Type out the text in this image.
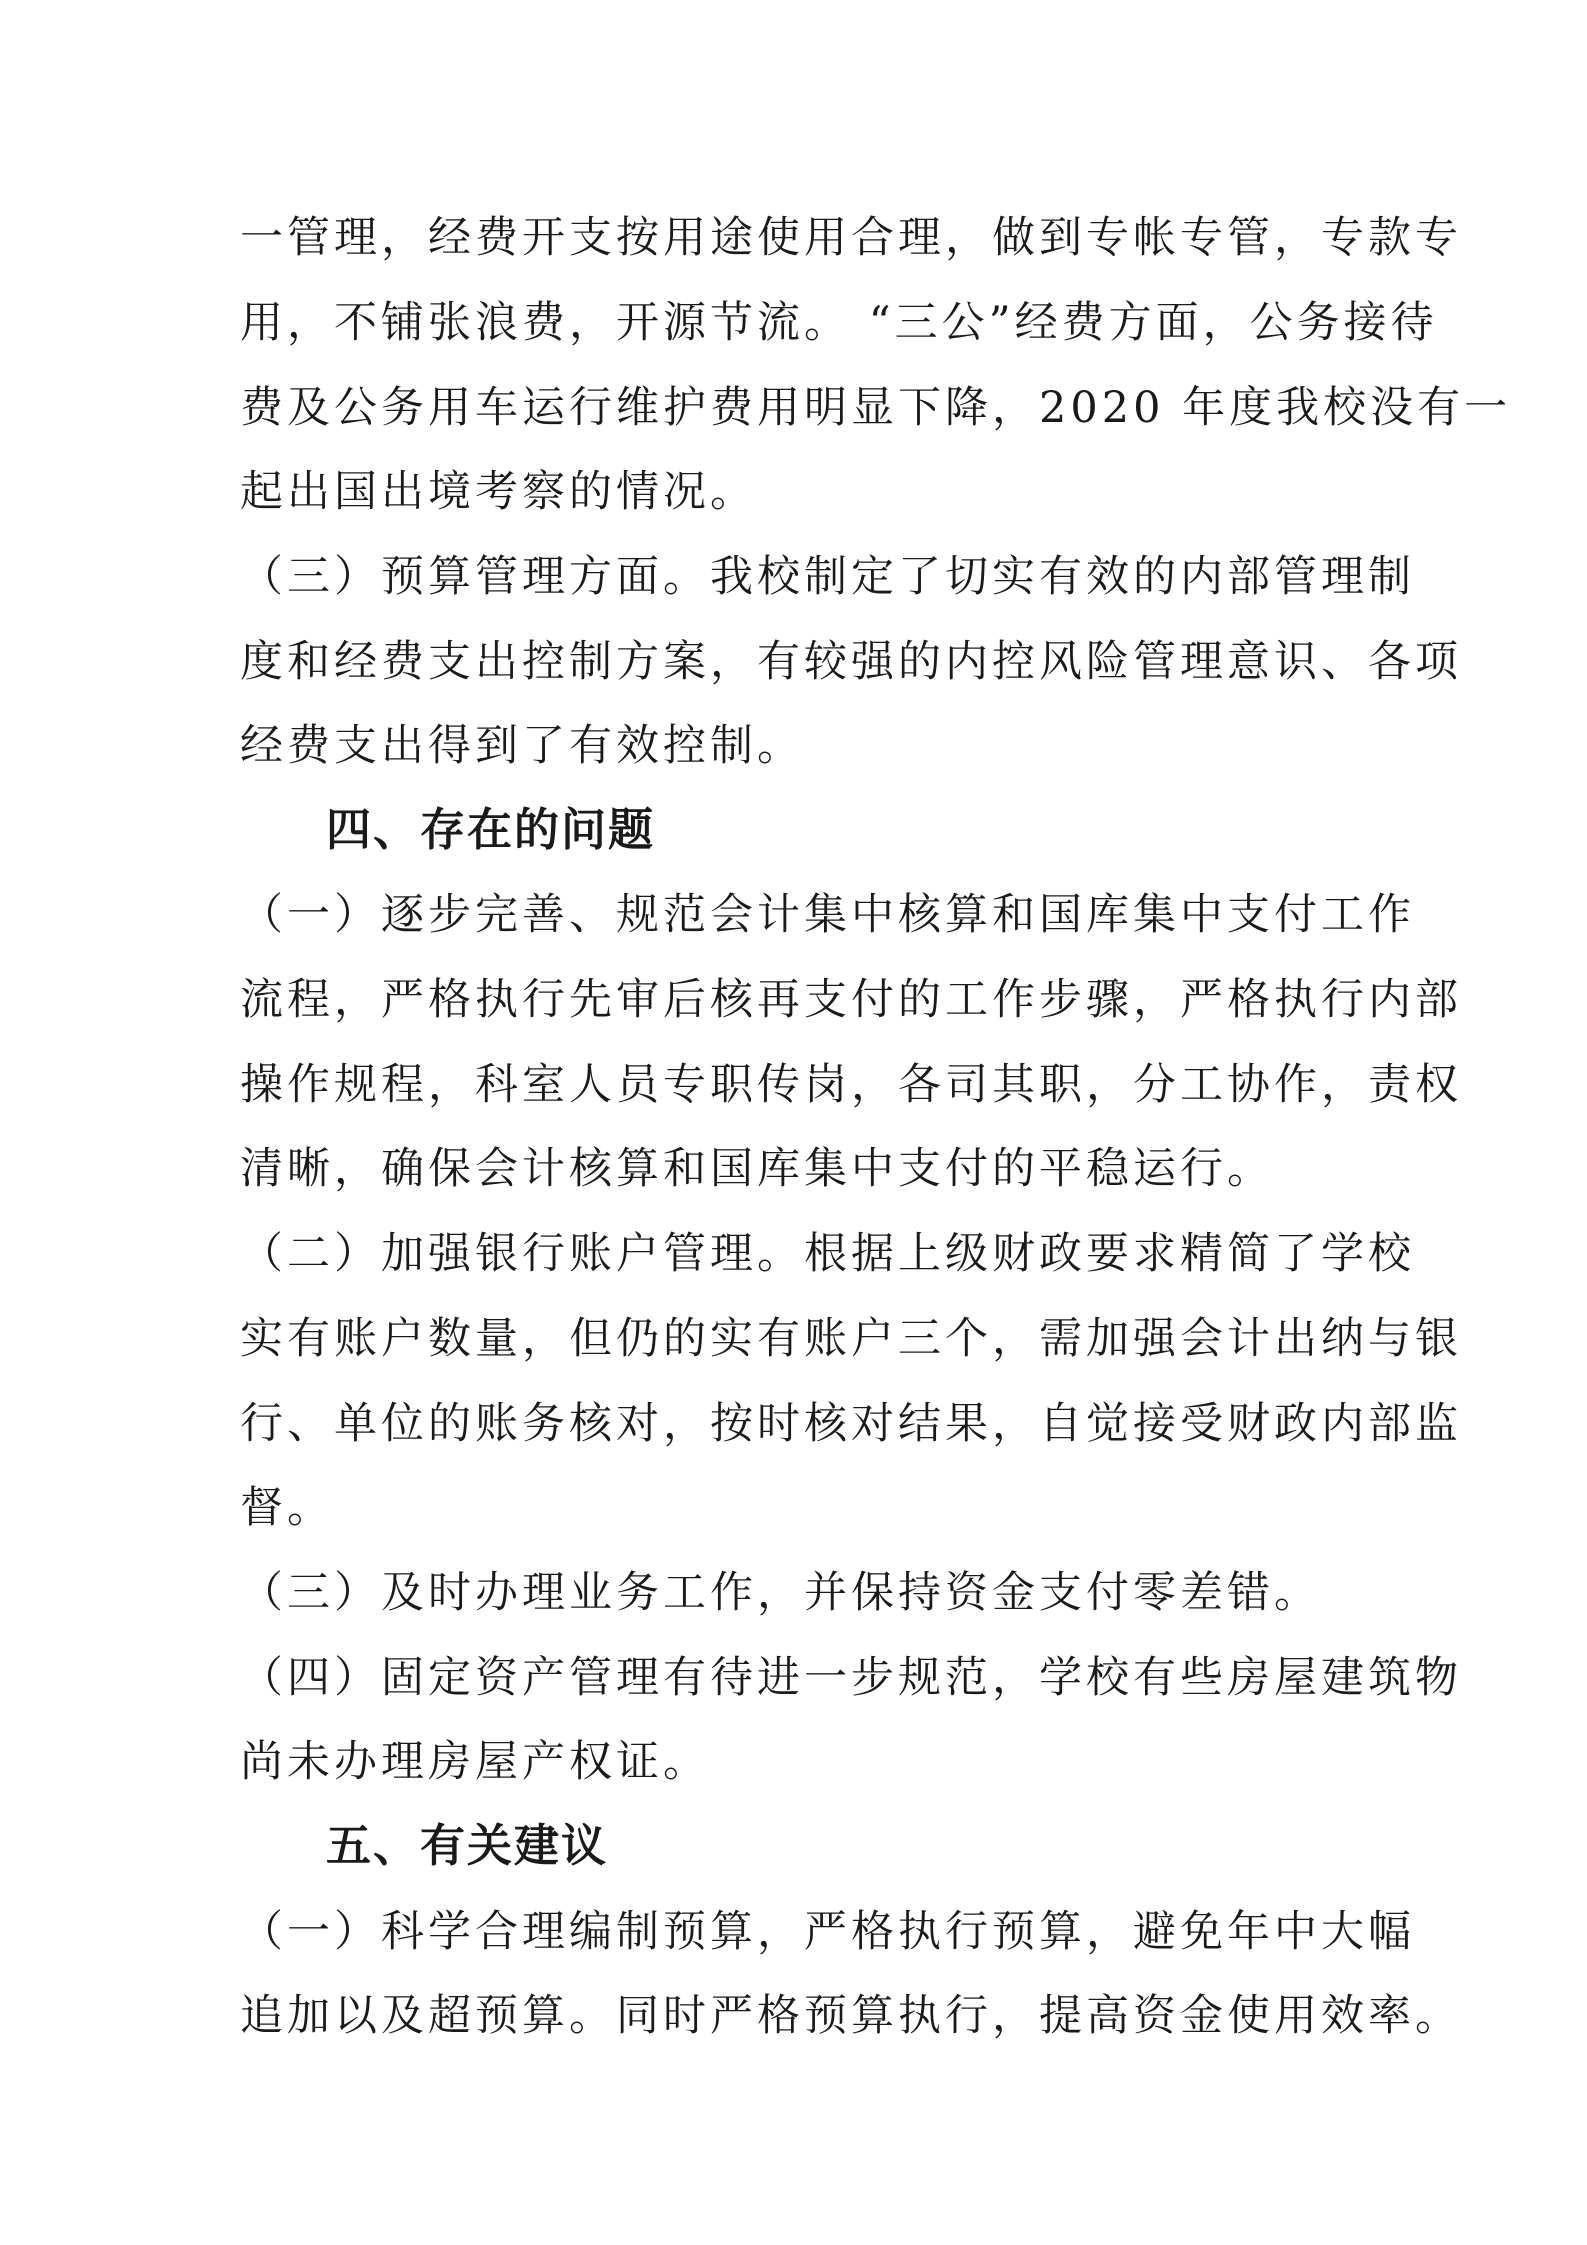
一管理，经费开支按用途使用合理，做到专帐专管，专款专
用，不铺张浪费，开源节流。 “三公”经费方面，公务接待
费及公务用车运行维护费用明显下降，2020 年度我校没有一
起出国出境考察的情况。
（三）预算管理方面。我校制定了切实有效的内部管理制
度和经费支出控制方案，有较强的内控风险管理意识、各项
经费支出得到了有效控制。
四、存在的问题
（一）逐步完善、规范会计集中核算和国库集中支付工作
流程，严格执行先审后核再支付的工作步骤，严格执行内部
操作规程，科室人员专职传岗，各司其职，分工协作，责权
清晰，确保会计核算和国库集中支付的平稳运行。
（二）加强银行账户管理。根据上级财政要求精简了学校
实有账户数量，但仍的实有账户三个，需加强会计出纳与银
行、单位的账务核对，按时核对结果，自觉接受财政内部监
督。
（三）及时办理业务工作，并保持资金支付零差错。
（四）固定资产管理有待进一步规范，学校有些房屋建筑物
尚未办理房屋产权证。
五、有关建议
（一）科学合理编制预算，严格执行预算，避免年中大幅
追加以及超预算。同时严格预算执行，提高资金使用效率。
